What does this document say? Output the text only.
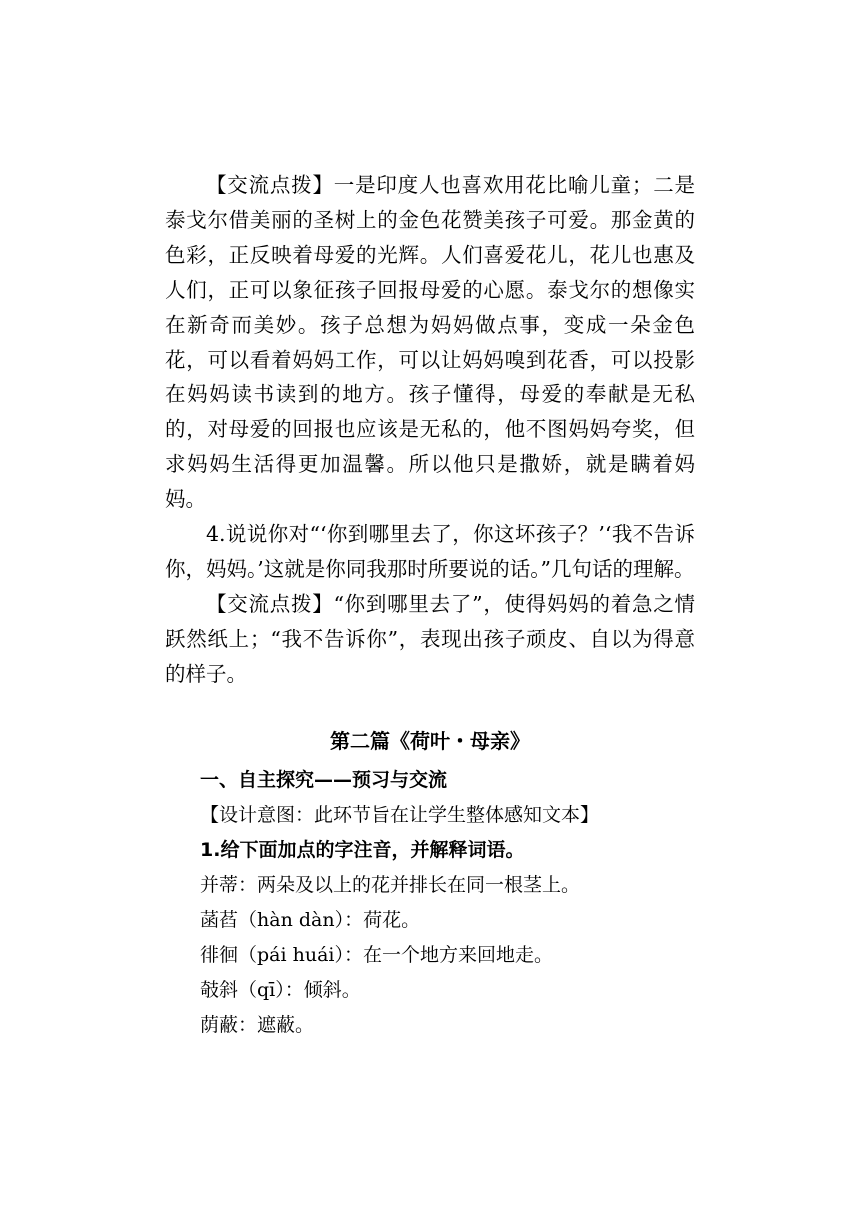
【交流点拨】一是印度人也喜欢用花比喻儿童；二是泰戈尔借美丽的圣树上的金色花赞美孩子可爱。那金黄的色彩，正反映着母爱的光辉。人们喜爱花儿，花儿也惠及人们，正可以象征孩子回报母爱的心愿。泰戈尔的想像实在新奇而美妙。孩子总想为妈妈做点事，变成一朵金色花，可以看着妈妈工作，可以让妈妈嗅到花香，可以投影在妈妈读书读到的地方。孩子懂得，母爱的奉献是无私的，对母爱的回报也应该是无私的，他不图妈妈夸奖，但求妈妈生活得更加温馨。所以他只是撒娇，就是瞒着妈妈。

4.说说你对“‘你到哪里去了，你这坏孩子？’‘我不告诉你，妈妈。’这就是你同我那时所要说的话。”几句话的理解。

【交流点拨】“你到哪里去了”，使得妈妈的着急之情跃然纸上；“我不告诉你”，表现出孩子顽皮、自以为得意的样子。

第二篇《荷叶・母亲》

一、自主探究——预习与交流

【设计意图：此环节旨在让学生整体感知文本】

1.给下面加点的字注音，并解释词语。

并蒂：两朵及以上的花并排长在同一根茎上。

菡萏（hàn dàn）：荷花。

徘徊（pái huái）：在一个地方来回地走。

攲斜（qī）：倾斜。

荫蔽：遮蔽。
